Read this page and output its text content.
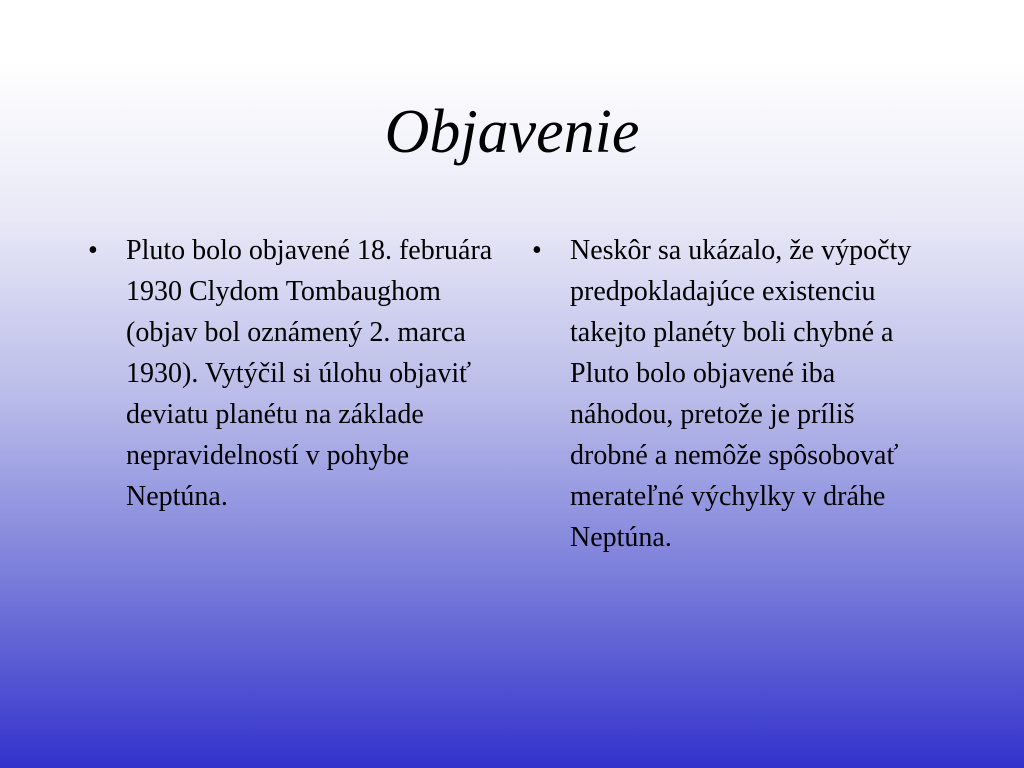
Objavenie
•	Pluto bolo objavené 18. februára 1930 Clydom Tombaughom (objav bol oznámený 2. marca 1930). Vytýčil si úlohu objaviť deviatu planétu na základe nepravidelností v pohybe Neptúna.

•	Neskôr sa ukázalo, že výpočty predpokladajúce existenciu takejto planéty boli chybné a Pluto bolo objavené iba náhodou, pretože je príliš drobné a nemôže spôsobovať merateľné výchylky v dráhe Neptúna.
